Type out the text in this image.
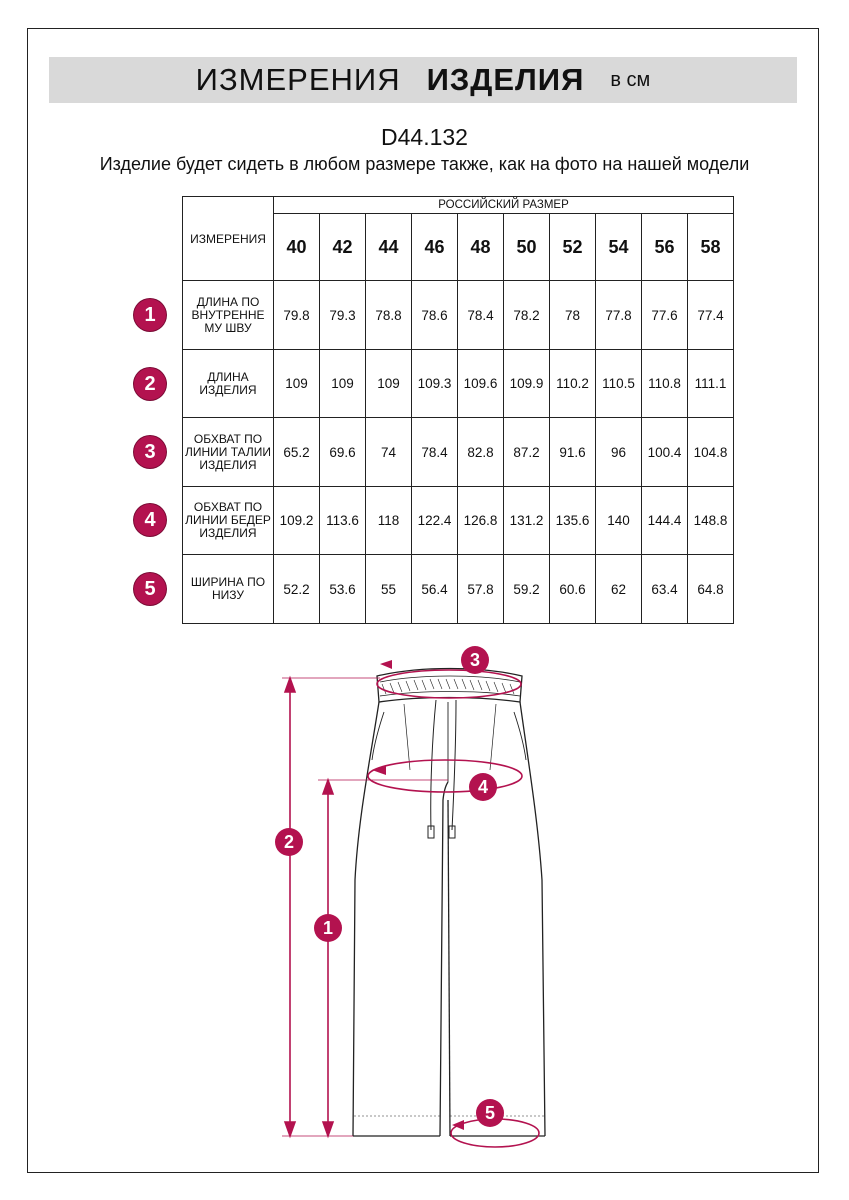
ИЗМЕРЕНИЯ ИЗДЕЛИЯ в см
D44.132
Изделие будет сидеть в любом размере также, как на фото на нашей модели
ИЗМЕРЕНИЯ	РОССИЙСКИЙ РАЗМЕР									
	40	42	44	46	48	50	52	54	56	58
ДЛИНА ПО ВНУТРЕННЕ МУ ШВУ	79.8	79.3	78.8	78.6	78.4	78.2	78	77.8	77.6	77.4
ДЛИНА ИЗДЕЛИЯ	109	109	109	109.3	109.6	109.9	110.2	110.5	110.8	111.1
ОБХВАТ ПО ЛИНИИ ТАЛИИ ИЗДЕЛИЯ	65.2	69.6	74	78.4	82.8	87.2	91.6	96	100.4	104.8
ОБХВАТ ПО ЛИНИИ БЕДЕР ИЗДЕЛИЯ	109.2	113.6	118	122.4	126.8	131.2	135.6	140	144.4	148.8
ШИРИНА ПО НИЗУ	52.2	53.6	55	56.4	57.8	59.2	60.6	62	63.4	64.8
1
2
3
4
5
3
4
2
1
5
